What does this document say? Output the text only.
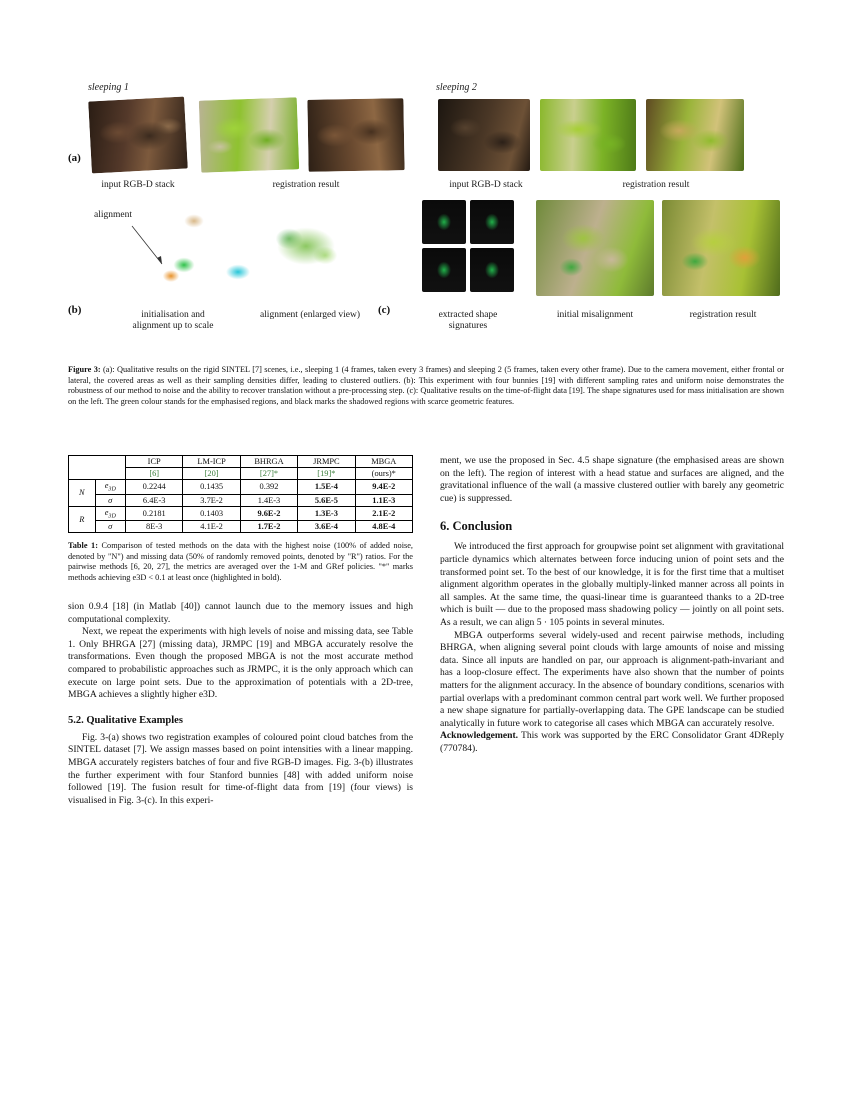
sleeping 1	sleeping 2
(a)
input RGB-D stack	registration result	input RGB-D stack	registration result
(b)
alignment
initialisation and
alignment up to scale
alignment (enlarged view)	(c)	extracted shape
signatures
initial misalignment	registration result
Figure 3: (a): Qualitative results on the rigid SINTEL [7] scenes, i.e., sleeping 1 (4 frames, taken every 3 frames) and sleeping 2 (5 frames, taken every other frame). Due to the camera movement, either frontal or lateral, the covered areas as well as their sampling densities differ, leading to clustered outliers. (b): This experiment with four bunnies [19] with different sampling rates and uniform noise demonstrates the robustness of our method to noise and the ability to recover translation without a pre-processing step. (c): Qualitative results on the time-of-flight data [19]. The shape signatures used for mass initialisation are shown on the left. The green colour stands for the emphasised regions, and black marks the shadowed regions with scarce geometric features.
		ICP	LM-ICP	BHRGA	JRMPC	MBGA
		[6]	[20]	[27]*	[19]*	(ours)*
N	$e_{3D}$	0.2244	0.1435	0.392	1.5E-4	9.4E-2
	σ	6.4E-3	3.7E-2	1.4E-3	5.6E-5	1.1E-3
R	$e_{3D}$	0.2181	0.1403	9.6E-2	1.3E-3	2.1E-2
	σ	8E-3	4.1E-2	1.7E-2	3.6E-4	4.8E-4
Table 1: Comparison of tested methods on the data with the highest noise (100% of added noise, denoted by "N") and missing data (50% of randomly removed points, denoted by "R") ratios. For the pairwise methods [6, 20, 27], the metrics are averaged over the 1-M and GRef policies. "*" marks methods achieving e3D < 0.1 at least once (highlighted in bold).

sion 0.9.4 [18] (in Matlab [40]) cannot launch due to the memory issues and high computational complexity.

Next, we repeat the experiments with high levels of noise and missing data, see Table 1. Only BHRGA [27] (missing data), JRMPC [19] and MBGA accurately resolve the transformations. Even though the proposed MBGA is not the most accurate method compared to probabilistic approaches such as JRMPC, it is the only approach which can execute on large point sets. Due to the approximation of potentials with a 2D-tree, MBGA achieves a slightly higher e3D.

5.2. Qualitative Examples

Fig. 3-(a) shows two registration examples of coloured point cloud batches from the SINTEL dataset [7]. We assign masses based on point intensities with a linear mapping. MBGA accurately registers batches of four and five RGB-D images. Fig. 3-(b) illustrates the further experiment with four Stanford bunnies [48] with added uniform noise followed [19]. The fusion result for time-of-flight data from [19] (four views) is visualised in Fig. 3-(c). In this experi-

ment, we use the proposed in Sec. 4.5 shape signature (the emphasised areas are shown on the left). The region of interest with a head statue and surfaces are aligned, and the gravitational influence of the wall (a massive clustered outlier with barely any geometric cue) is suppressed.

6. Conclusion

We introduced the first approach for groupwise point set alignment with gravitational particle dynamics which alternates between force inducing union of point sets and the transformed point set. To the best of our knowledge, it is for the first time that a multiset alignment algorithm operates in the globally multiply-linked manner across all points in all samples. At the same time, the quasi-linear time is guaranteed thanks to a 2D-tree which is built — due to the proposed mass shadowing policy — jointly on all point sets. As a result, we can align 5 · 105 points in several minutes.

MBGA outperforms several widely-used and recent pairwise methods, including BHRGA, when aligning several point clouds with large amounts of noise and missing data. Since all inputs are handled on par, our approach is alignment-path-invariant and has a loop-closure effect. The experiments have also shown that the number of points matters for the alignment accuracy. In the absence of boundary conditions, scenarios with partial overlaps with a predominant common central part work well. We further proposed a new shape signature for partially-overlapping data. The GPE landscape can be studied analytically in future work to categorise all cases which MBGA can accurately resolve.

Acknowledgement. This work was supported by the ERC Consolidator Grant 4DReply (770784).
